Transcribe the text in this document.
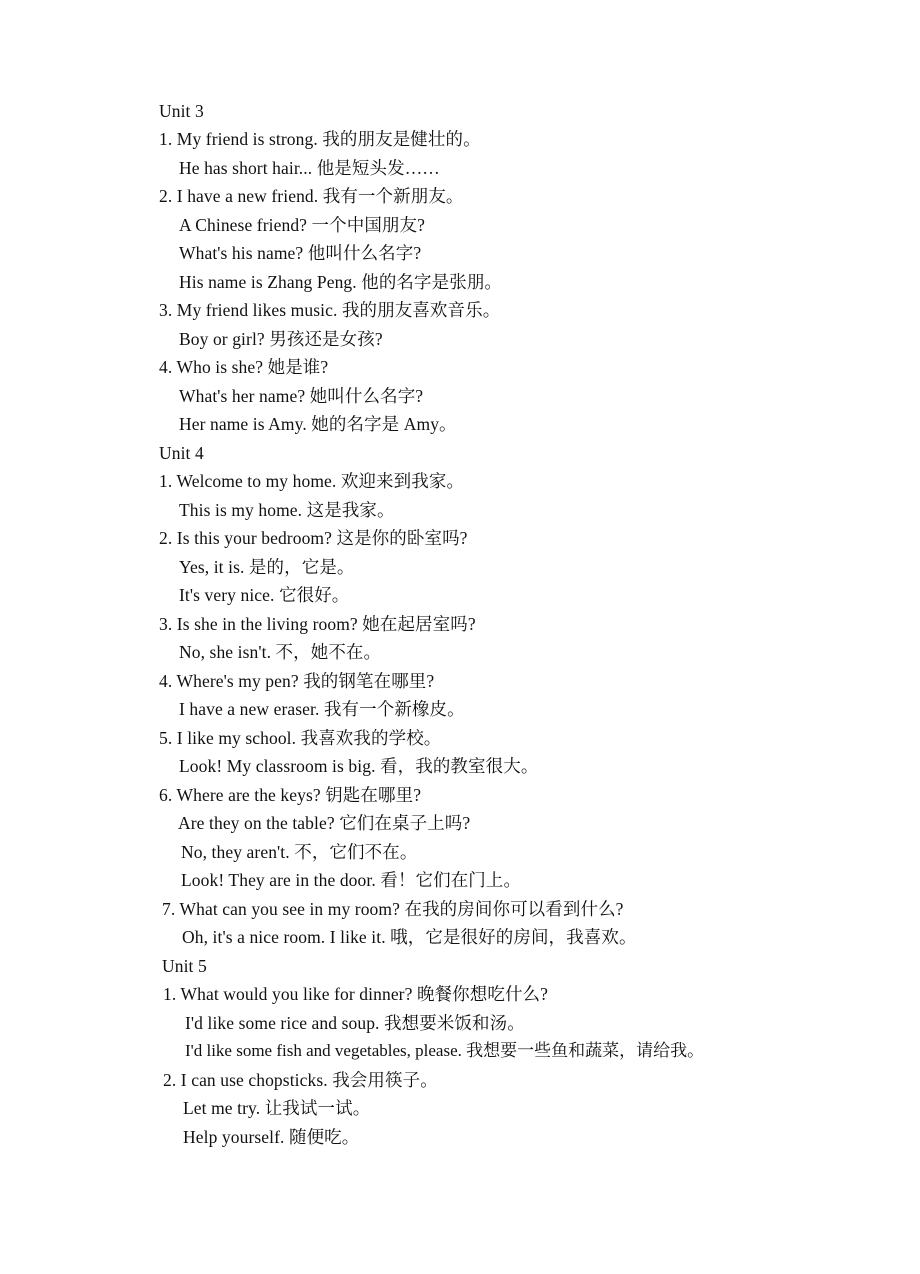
Unit 3
1. My friend is strong. 我的朋友是健壮的。
He has short hair... 他是短头发……
2. I have a new friend. 我有一个新朋友。
A Chinese friend? 一个中国朋友?
What's his name? 他叫什么名字?
His name is Zhang Peng. 他的名字是张朋。
3. My friend likes music. 我的朋友喜欢音乐。
Boy or girl? 男孩还是女孩?
4. Who is she? 她是谁?
What's her name? 她叫什么名字?
Her name is Amy. 她的名字是 Amy。
Unit 4
1. Welcome to my home. 欢迎来到我家。
This is my home. 这是我家。
2. Is this your bedroom? 这是你的卧室吗?
Yes, it is. 是的，它是。
It's very nice. 它很好。
3. Is she in the living room? 她在起居室吗?
No, she isn't. 不，她不在。
4. Where's my pen? 我的钢笔在哪里?
I have a new eraser. 我有一个新橡皮。
5. I like my school. 我喜欢我的学校。
Look! My classroom is big. 看，我的教室很大。
6. Where are the keys? 钥匙在哪里?
Are they on the table? 它们在桌子上吗?
No, they aren't. 不，它们不在。
Look! They are in the door. 看！它们在门上。
7. What can you see in my room? 在我的房间你可以看到什么?
Oh, it's a nice room. I like it. 哦，它是很好的房间，我喜欢。
Unit 5
1. What would you like for dinner? 晚餐你想吃什么?
I'd like some rice and soup. 我想要米饭和汤。
I'd like some fish and vegetables, please. 我想要一些鱼和蔬菜，请给我。
2. I can use chopsticks. 我会用筷子。
Let me try. 让我试一试。
Help yourself. 随便吃。
